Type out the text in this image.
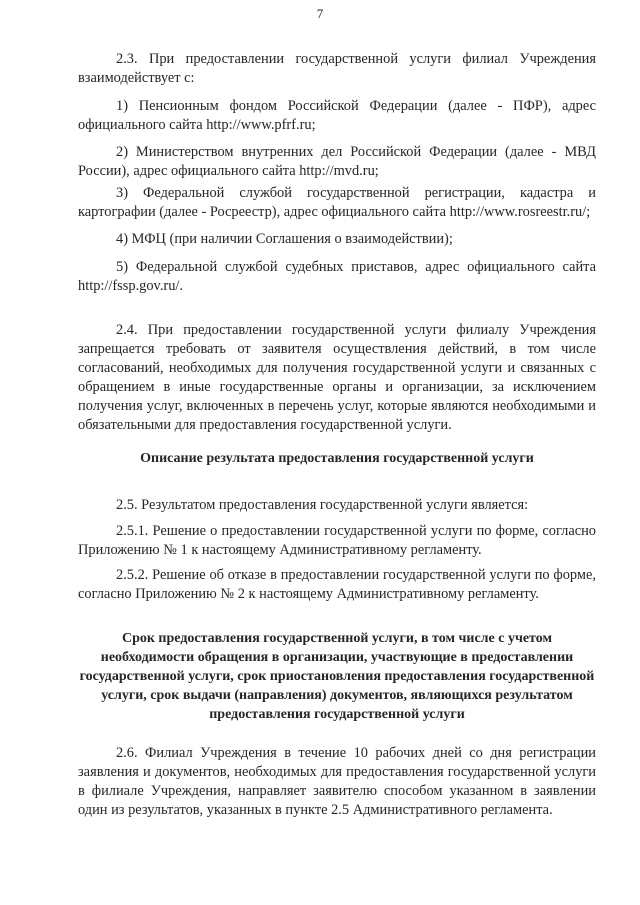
7

2.3. При предоставлении государственной услуги филиал Учреждения взаимодействует с:

1) Пенсионным фондом Российской Федерации (далее - ПФР), адрес официального сайта http://www.pfrf.ru;

2) Министерством внутренних дел Российской Федерации (далее - МВД России), адрес официального сайта http://mvd.ru;

3) Федеральной службой государственной регистрации, кадастра и картографии (далее - Росреестр), адрес официального сайта http://www.rosreestr.ru/;

4) МФЦ (при наличии Соглашения о взаимодействии);

5) Федеральной службой судебных приставов, адрес официального сайта http://fssp.gov.ru/.

2.4. При предоставлении государственной услуги филиалу Учреждения запрещается требовать от заявителя осуществления действий, в том числе согласований, необходимых для получения государственной услуги и связанных с обращением в иные государственные органы и организации, за исключением получения услуг, включенных в перечень услуг, которые являются необходимыми и обязательными для предоставления государственной услуги.

Описание результата предоставления государственной услуги

2.5. Результатом предоставления государственной услуги является:

2.5.1. Решение о предоставлении государственной услуги по форме, согласно Приложению № 1 к настоящему Административному регламенту.

2.5.2. Решение об отказе в предоставлении государственной услуги по форме, согласно Приложению № 2 к настоящему Административному регламенту.

Срок предоставления государственной услуги, в том числе с учетом
необходимости обращения в организации, участвующие в предоставлении
государственной услуги, срок приостановления предоставления государственной
услуги, срок выдачи (направления) документов, являющихся результатом
предоставления государственной услуги

2.6. Филиал Учреждения в течение 10 рабочих дней со дня регистрации заявления и документов, необходимых для предоставления государственной услуги в филиале Учреждения, направляет заявителю способом указанном в заявлении один из результатов, указанных в пункте 2.5 Административного регламента.
